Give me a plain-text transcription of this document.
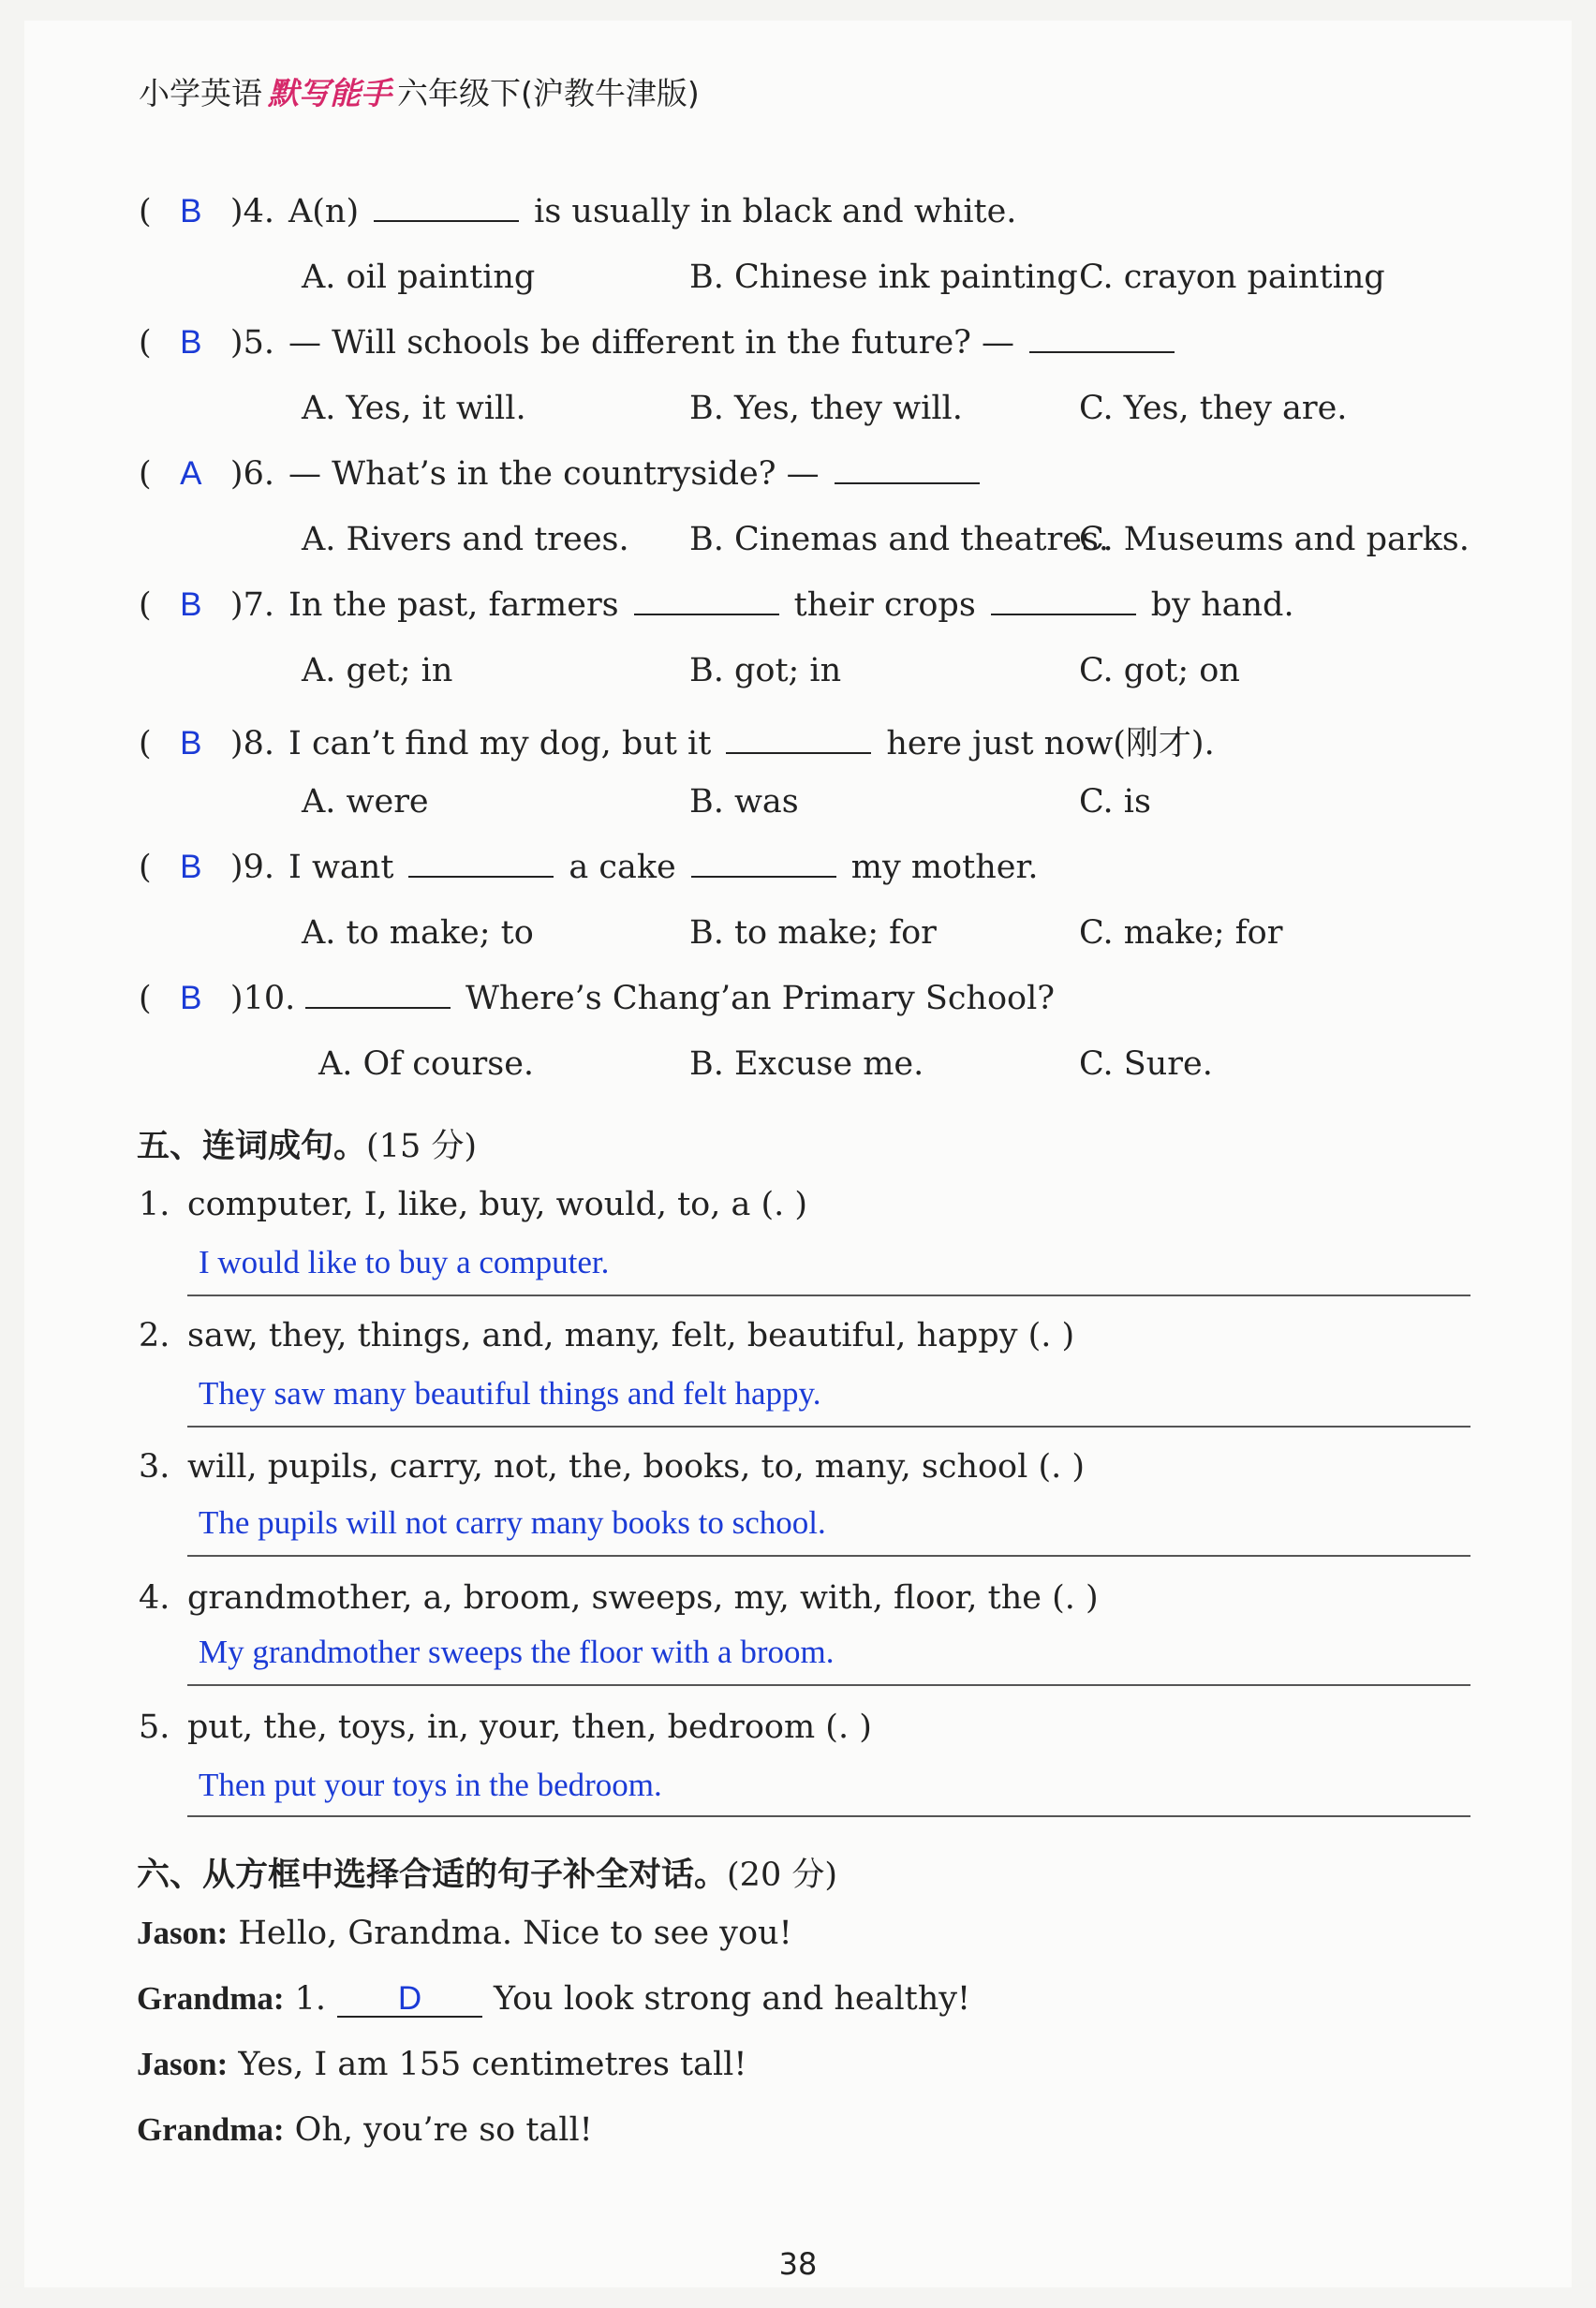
小学英语 默写能手 六年级下(沪教牛津版)
( B )4. A(n)	is usually in black and white.
A. oil painting	B. Chinese ink painting C. crayon painting
( B )5. — Will schools be different in the future? —
A. Yes, it will.	B. Yes, they will.	C. Yes, they are.
( A )6. — What’s in the countryside? —
A. Rivers and trees. B. Cinemas and theatres.
C. Museums and parks.
( B )7. In the past, farmers	their crops	by hand.
A. get; in	B. got; in	C. got; on
( B )8. I can’t find my dog, but it	here just now(刚才).
A. were	B. was	C. is
( B )9. I want	a cake	my mother.
A. to make; to	B. to make; for	C. make; for
( B )10.	Where’s Chang’an Primary School?
A. Of course.	B. Excuse me.	C. Sure.
五、连词成句。(15 分)
1. computer, I, like, buy, would, to, a (. )
I would like to buy a computer.
2. saw, they, things, and, many, felt, beautiful, happy (. )
They saw many beautiful things and felt happy.
3. will, pupils, carry, not, the, books, to, many, school (. )
The pupils will not carry many books to school.
4. grandmother, a, broom, sweeps, my, with, floor, the (. )
My grandmother sweeps the floor with a broom.
5. put, the, toys, in, your, then, bedroom (. )
Then put your toys in the bedroom.
六、从方框中选择合适的句子补全对话。(20 分)
Jason: Hello, Grandma. Nice to see you!
Grandma: 1. D You look strong and healthy!
Jason: Yes, I am 155 centimetres tall!
Grandma: Oh, you’re so tall!
38
